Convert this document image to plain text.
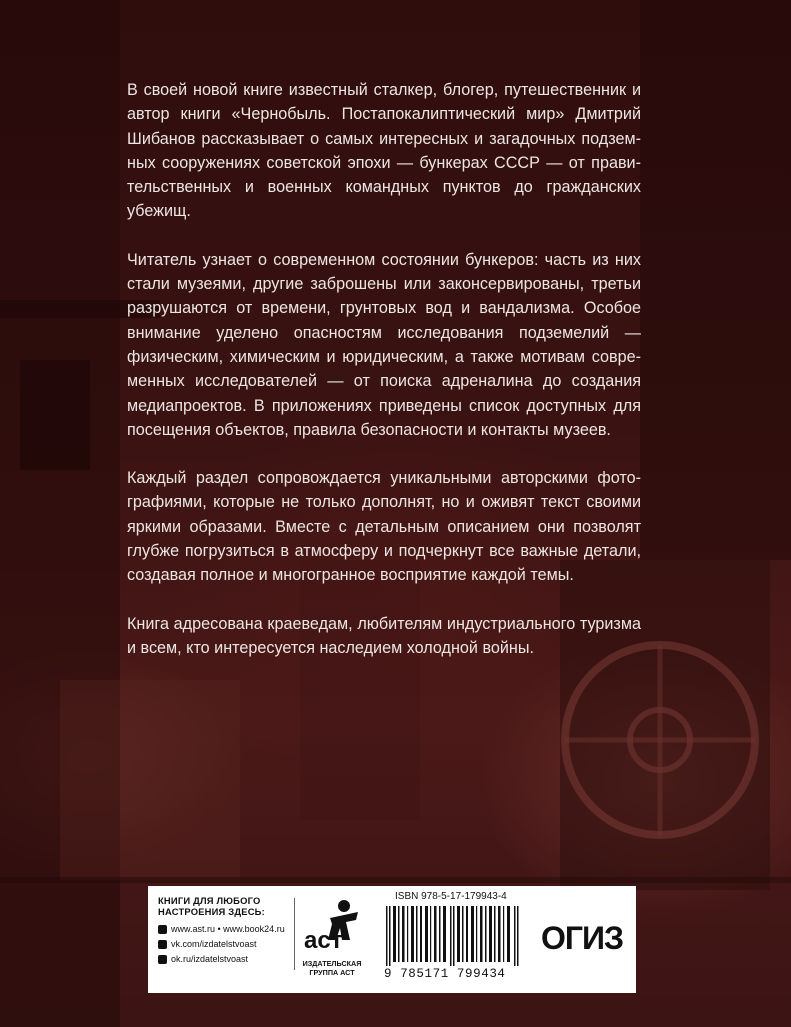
В своей новой книге известный сталкер, блогер, путешественник и автор книги «Чернобыль. Постапокалиптический мир» Дмитрий Шибанов рассказывает о самых интересных и загадочных подземных сооружениях советской эпохи — бункерах СССР — от правительственных и военных командных пунктов до гражданских убежищ.

Читатель узнает о современном состоянии бункеров: часть из них стали музеями, другие заброшены или законсервированы, третьи разрушаются от времени, грунтовых вод и вандализма. Особое внимание уделено опасностям исследования подземелий — физическим, химическим и юридическим, а также мотивам современных исследователей — от поиска адреналина до создания медиапроектов. В приложениях приведены список доступных для посещения объектов, правила безопасности и контакты музеев.

Каждый раздел сопровождается уникальными авторскими фотографиями, которые не только дополнят, но и оживят текст своими яркими образами. Вместе с детальным описанием они позволят глубже погрузиться в атмосферу и подчеркнут все важные детали, создавая полное и многогранное восприятие каждой темы.

Книга адресована краеведам, любителям индустриального туризма и всем, кто интересуется наследием холодной войны.

КНИГИ ДЛЯ ЛЮБОГО НАСТРОЕНИЯ ЗДЕСЬ:
www.ast.ru • www.book24.ru
vk.com/izdatelstvoast
ok.ru/izdatelstvoast
аст
ИЗДАТЕЛЬСКАЯ ГРУППА АСТ
ISBN 978-5-17-179943-4
9 785171 799434
ОГИЗ
